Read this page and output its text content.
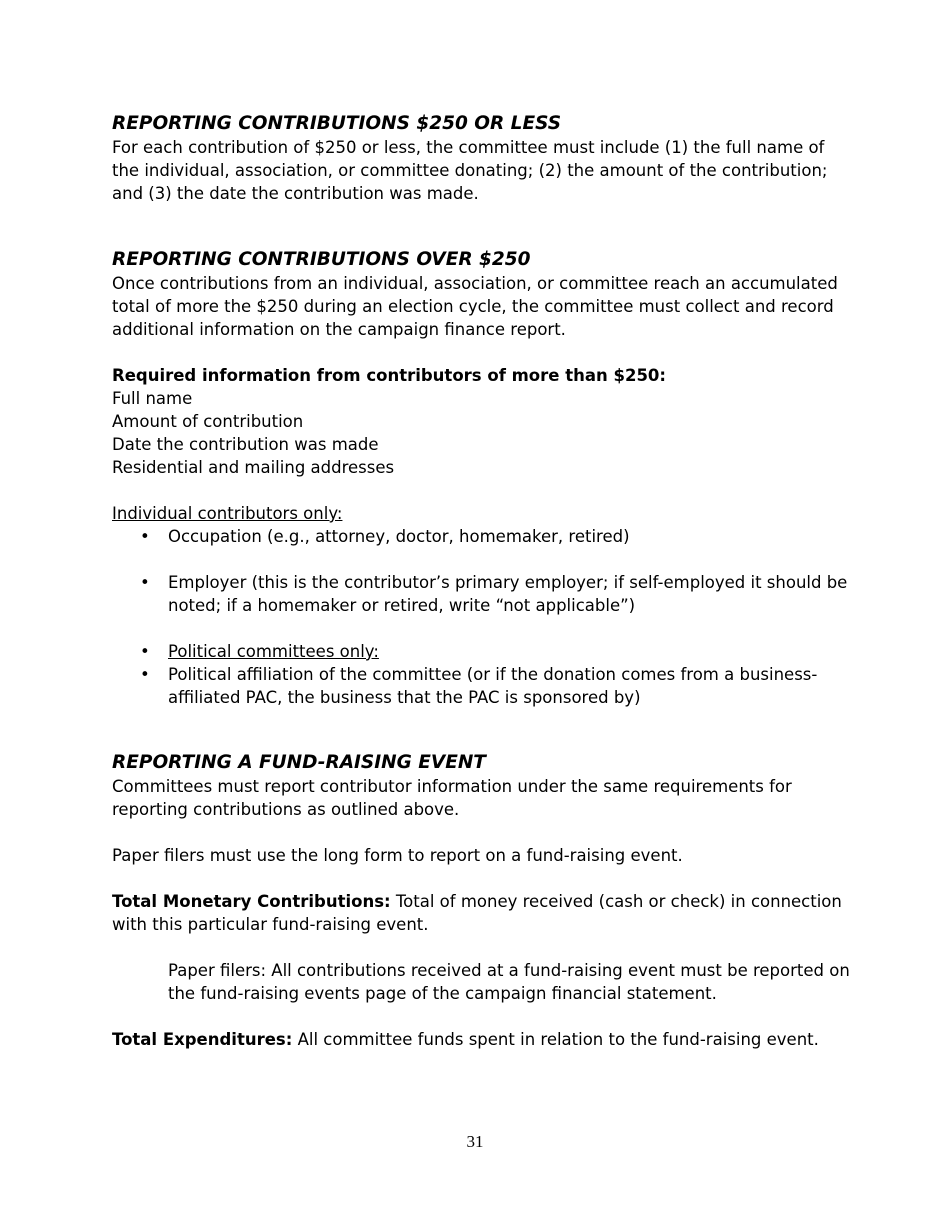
REPORTING CONTRIBUTIONS $250 OR LESS

For each contribution of $250 or less, the committee must include (1) the full name of the individual, association, or committee donating; (2) the amount of the contribution; and (3) the date the contribution was made.

REPORTING CONTRIBUTIONS OVER $250

Once contributions from an individual, association, or committee reach an accumulated total of more the $250 during an election cycle, the committee must collect and record additional information on the campaign finance report.

Required information from contributors of more than $250:

Full name

Amount of contribution

Date the contribution was made

Residential and mailing addresses

Individual contributors only:

• Occupation (e.g., attorney, doctor, homemaker, retired)
• Employer (this is the contributor’s primary employer; if self-employed it should be noted; if a homemaker or retired, write “not applicable”)
• Political committees only:
• Political affiliation of the committee (or if the donation comes from a business-affiliated PAC, the business that the PAC is sponsored by)
REPORTING A FUND-RAISING EVENT

Committees must report contributor information under the same requirements for reporting contributions as outlined above.

Paper filers must use the long form to report on a fund-raising event.

Total Monetary Contributions: Total of money received (cash or check) in connection with this particular fund-raising event.

Paper filers: All contributions received at a fund-raising event must be reported on the fund-raising events page of the campaign financial statement.

Total Expenditures: All committee funds spent in relation to the fund-raising event.

31
